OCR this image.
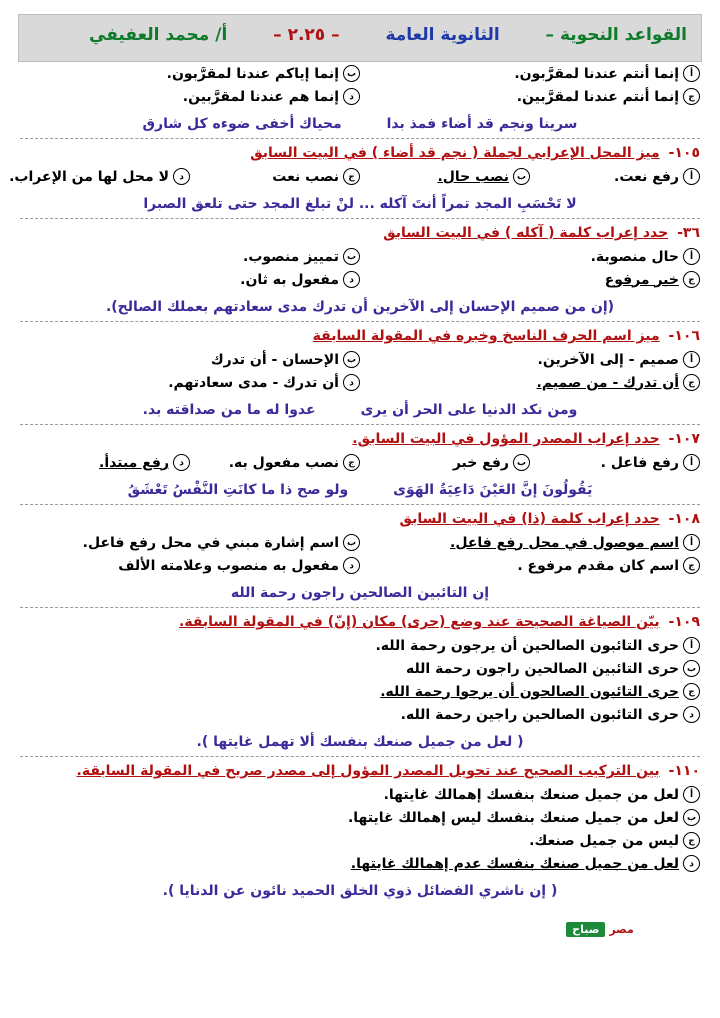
القواعد النحوية –
الثانوية العامة
– ٢.٢٥ –
أ/ محمد العفيفي
أ
إنما أنتم عندنا لمقرَّبون.
ب
إنما إياكم عندنا لمقرَّبون.
ج
إنما أنتم عندنا لمقرَّبين.
د
إنما هم عندنا لمقرَّبين.
سرينا ونجم قد أضاء فمذ بدا محياك أخفى ضوءه كل شارق
١٠٥- ميز المحل الإعرابي لجملة ( نجم قد أضاء ) في البيت السابق
أ
رفع نعت.
ب
نصب حال.
ج
نصب نعت
د
لا محل لها من الإعراب.
لا تَحْسَبِ المجد تمراً أنتَ آكله ... لنْ تبلغ المجد حتى تلعق الصبرا
٣٦- حدد إعراب كلمة ( آكله ) في البيت السابق
أ
حال منصوبة.
ب
تمييز منصوب.
ج
خبر مرفوع
د
مفعول به ثان.
(إن من صميم الإحسان إلى الآخرين أن تدرك مدى سعادتهم بعملك الصالح).
١٠٦- ميز اسم الحرف الناسخ وخبره في المقولة السابقة
أ
صميم - إلى الآخرين.
ب
الإحسان - أن تدرك
ج
أن تدرك - من صميم.
د
أن تدرك - مدى سعادتهم.
ومن نكد الدنيا على الحر أن يرى عدوا له ما من صداقته بد.
١٠٧- حدد إعراب المصدر المؤول في البيت السابق.
أ
رفع فاعل .
ب
رفع خبر
ج
نصب مفعول به.
د
رفع مبتدأ.
يَقُولُونَ إنَّ العَيْنَ دَاعِيَةُ الهَوَى ولو صح ذا ما كانَتِ النَّفْسُ تَعْشَقُ
١٠٨- حدد إعراب كلمة (ذا) في البيت السابق
أ
اسم موصول في محل رفع فاعل.
ب
اسم إشارة مبني في محل رفع فاعل.
ج
اسم كان مقدم مرفوع .
د
مفعول به منصوب وعلامته الألف
إن التائبين الصالحين راجون رحمة الله
١٠٩- بيّن الصياغة الصحيحة عند وضع (حرى) مكان (إنّ) في المقولة السابقة.
أ
حرى التائبون الصالحين أن يرجون رحمة الله.
ب
حرى التائبين الصالحين راجون رحمة الله
ج
حرى التائبون الصالحون أن يرجوا رحمة الله.
د
حرى التائبون الصالحين راجين رحمة الله.
( لعل من جميل صنعك بنفسك ألا تهمل غايتها ).
١١٠- بين التركيب الصحيح عند تحويل المصدر المؤول إلى مصدر صريح في المقولة السابقة.
أ
لعل من جميل صنعك بنفسك إهمالك غايتها.
ب
لعل من جميل صنعك بنفسك ليس إهمالك غايتها.
ج
ليس من جميل صنعك.
د
لعل من جميل صنعك بنفسك عدم إهمالك غايتها.
( إن ناشري الفضائل ذوي الخلق الحميد نائون عن الدنايا ).
مصر
صباح
